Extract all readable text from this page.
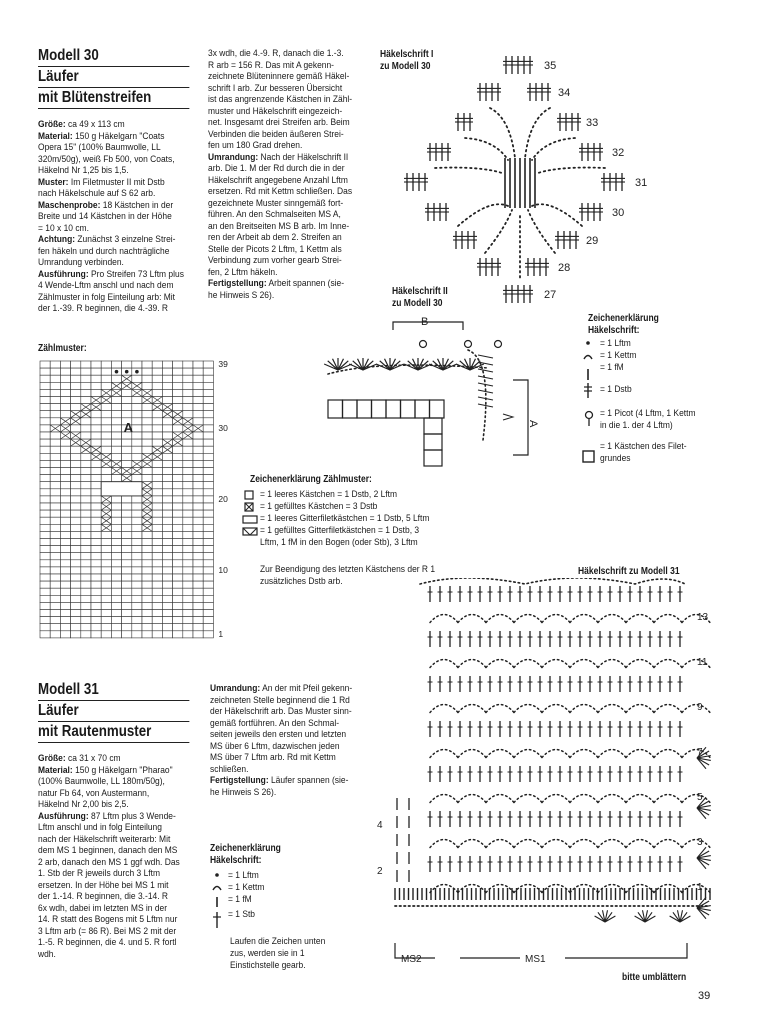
Modell 30
Läufer
mit Blütenstreifen
Größe: ca 49 x 113 cm
Material: 150 g Häkelgarn "Coats
Opera 15" (100% Baumwolle, LL
320m/50g), weiß Fb 500, von Coats,
Häkelnd Nr 1,25 bis 1,5.
Muster: Im Filetmuster II mit Dstb
nach Häkelschule auf S 62 arb.
Maschenprobe: 18 Kästchen in der
Breite und 14 Kästchen in der Höhe
= 10 x 10 cm.
Achtung: Zunächst 3 einzelne Strei-
fen häkeln und durch nachträgliche
Umrandung verbinden.
Ausführung: Pro Streifen 73 Lftm plus
4 Wende-Lftm anschl und nach dem
Zählmuster in folg Einteilung arb: Mit
der 1.-39. R beginnen, die 4.-39. R
3x wdh, die 4.-9. R, danach die 1.-3.
R arb = 156 R. Das mit A gekenn-
zeichnete Blüteninnere gemäß Häkel-
schrift I arb. Zur besseren Übersicht
ist das angrenzende Kästchen in Zähl-
muster und Häkelschrift eingezeich-
net. Insgesamt drei Streifen arb. Beim
Verbinden die beiden äußeren Strei-
fen um 180 Grad drehen.
Umrandung: Nach der Häkelschrift II
arb. Die 1. M der Rd durch die in der
Häkelschrift angegebene Anzahl Lftm
ersetzen. Rd mit Kettm schließen. Das
gezeichnete Muster sinngemäß fort-
führen. An den Schmalseiten MS A,
an den Breitseiten MS B arb. Im Inne-
ren der Arbeit ab dem 2. Streifen an
Stelle der Picots 2 Lftm, 1 Kettm als
Verbindung zum vorher gearb Strei-
fen, 2 Lftm häkeln.
Fertigstellung: Arbeit spannen (sie-
he Hinweis S 26).
Häkelschrift I
zu Modell 30	35
34
33
32
31
30
29
28
27
Häkelschrift II
zu Modell 30
B
A
Zeichenerklärung
Häkelschrift:
= 1 Lftm
= 1 Kettm
= 1 fM
= 1 Dstb
= 1 Picot (4 Lftm, 1 Kettm
in die 1. der 4 Lftm)
= 1 Kästchen des Filet-
grundes
Zählmuster:
A
39
30
20
10
1
Zeichenerklärung Zählmuster:
= 1 leeres Kästchen = 1 Dstb, 2 Lftm
= 1 gefülltes Kästchen = 3 Dstb
= 1 leeres Gitterfiletkästchen = 1 Dstb, 5 Lftm
= 1 gefülltes Gitterfiletkästchen = 1 Dstb, 3
Lftm, 1 fM in den Bogen (oder Stb), 3 Lftm
Zur Beendigung des letzten Kästchens der R 1
zusätzliches Dstb arb.
Modell 31
Läufer
mit Rautenmuster
Größe: ca 31 x 70 cm
Material: 150 g Häkelgarn "Pharao"
(100% Baumwolle, LL 180m/50g),
natur Fb 64, von Austermann,
Häkelnd Nr 2,00 bis 2,5.
Ausführung: 87 Lftm plus 3 Wende-
Lftm anschl und in folg Einteilung
nach der Häkelschrift weiterarb: Mit
dem MS 1 beginnen, danach den MS
2 arb, danach den MS 1 ggf wdh. Das
1. Stb der R jeweils durch 3 Lftm
ersetzen. In der Höhe bei MS 1 mit
der 1.-14. R beginnen, die 3.-14. R
6x wdh, dabei im letzten MS in der
14. R statt des Bogens mit 5 Lftm nur
3 Lftm arb (= 86 R). Bei MS 2 mit der
1.-5. R beginnen, die 4. und 5. R fortl
wdh.
Umrandung: An der mit Pfeil gekenn-
zeichneten Stelle beginnend die 1 Rd
der Häkelschrift arb. Das Muster sinn-
gemäß fortführen. An den Schmal-
seiten jeweils den ersten und letzten
MS über 6 Lftm, dazwischen jeden
MS über 7 Lftm arb. Rd mit Kettm
schließen.
Fertigstellung: Läufer spannen (sie-
he Hinweis S 26).
Zeichenerklärung
Häkelschrift:
= 1 Lftm
= 1 Kettm
= 1 fM
= 1 Stb
Laufen die Zeichen unten
zus, werden sie in 1
Einstichstelle gearb.
Häkelschrift zu Modell 31
13
11
9
7
5
3
1
4
2
MS2	MS1
bitte umblättern
39
